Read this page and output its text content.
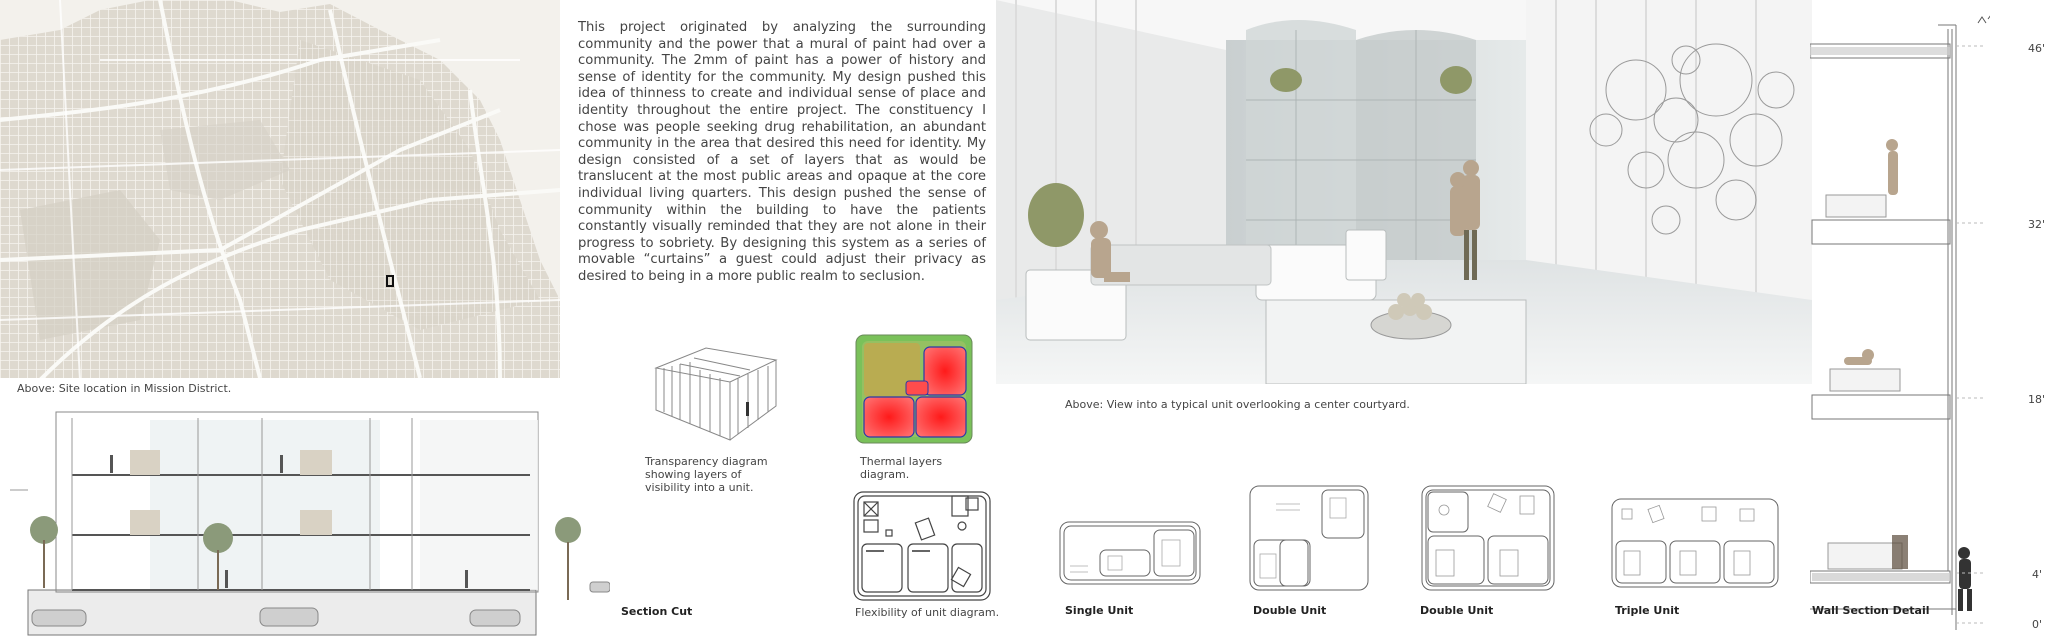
Above: Site location in Mission District.
This project originated by analyzing the surrounding community and the power that a mural of paint had over a community. The 2mm of paint has a power of history and sense of identity for the community. My design pushed this idea of thinness to create and individual sense of place and identity throughout the entire project. The constituency I chose was people seeking drug rehabilitation, an abundant community in the area that desired this need for identity. My design consisted of a set of layers that as would be translucent at the most public areas and opaque at the core individual living quarters. This design pushed the sense of community within the building to have the patients constantly visually reminded that they are not alone in their progress to sobriety. By designing this system as a series of movable “curtains” a guest could adjust their privacy as desired to being in a more public realm to seclusion.
Section Cut
Transparency diagram showing layers of visibility into a unit.
Thermal layers diagram.
Flexibility of unit diagram.
Above: View into a typical unit overlooking a center courtyard.
Single Unit	Double Unit	Double Unit	Triple Unit	Wall Section Detail
46'
32'
18'
4'
0'
